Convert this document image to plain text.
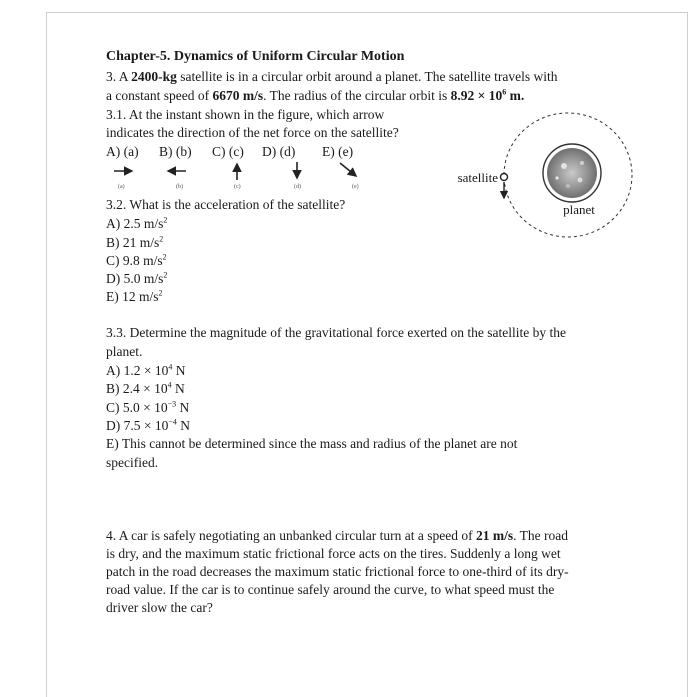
Chapter-5. Dynamics of Uniform Circular Motion
3. A 2400-kg satellite is in a circular orbit around a planet. The satellite travels with
a constant speed of 6670 m/s. The radius of the circular orbit is $8.92 \times 10^6$ m.
3.1. At the instant shown in the figure, which arrow
indicates the direction of the net force on the satellite?
A) (a) B) (b) C) (c) D) (d) E) (e)
(a)	(b)	(c)	(d)	(e)
satellite
planet
3.2. What is the acceleration of the satellite?
A) 2.5 $m/s^2$
B) 21 $m/s^2$
C) 9.8 $m/s^2$
D) 5.0 $m/s^2$
E) 12 $m/s^2$
3.3. Determine the magnitude of the gravitational force exerted on the satellite by the
planet.
A) $1.2 \times 10^4$ N
B) $2.4 \times 10^4$ N
C) $5.0 \times 10^{-3}$ N
D) $7.5 \times 10^{-4}$ N
E) This cannot be determined since the mass and radius of the planet are not
specified.
4. A car is safely negotiating an unbanked circular turn at a speed of 21 m/s. The road
is dry, and the maximum static frictional force acts on the tires. Suddenly a long wet
patch in the road decreases the maximum static frictional force to one-third of its dry-
road value. If the car is to continue safely around the curve, to what speed must the
driver slow the car?
